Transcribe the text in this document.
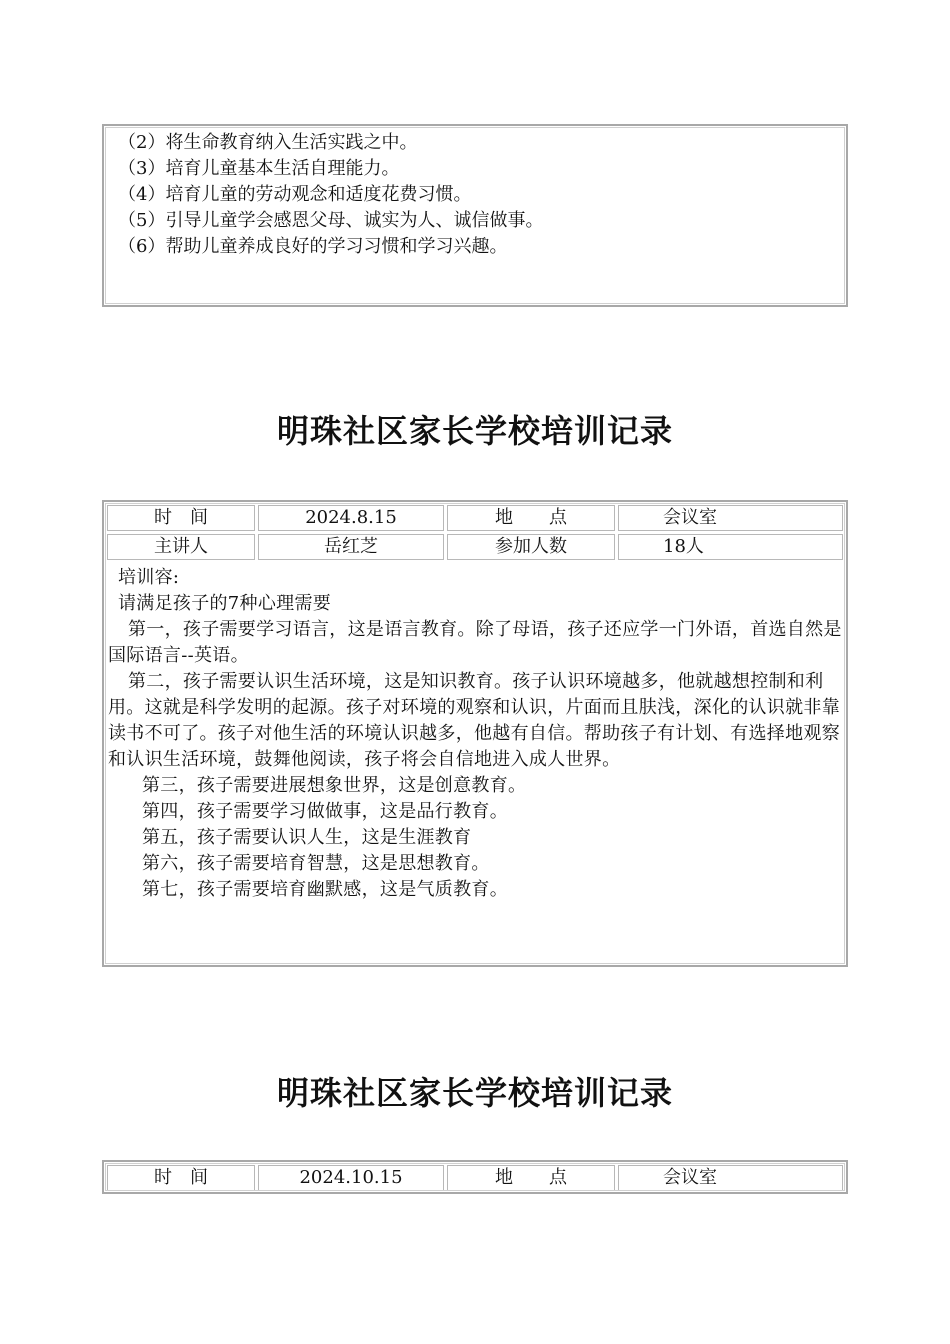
（2）将生命教育纳入生活实践之中。
（3）培育儿童基本生活自理能力。
（4）培育儿童的劳动观念和适度花费习惯。
（5）引导儿童学会感恩父母、诚实为人、诚信做事。
（6）帮助儿童养成良好的学习习惯和学习兴趣。
明珠社区家长学校培训记录
时　间	2024.8.15	地　　点	会议室
主讲人	岳红芝	参加人数	18人
培训容:
请满足孩子的7种心理需要
第一，孩子需要学习语言，这是语言教育。除了母语，孩子还应学一门外语，首选自然是国际语言--英语。
第二，孩子需要认识生活环境，这是知识教育。孩子认识环境越多，他就越想控制和利用。这就是科学发明的起源。孩子对环境的观察和认识，片面而且肤浅，深化的认识就非靠读书不可了。孩子对他生活的环境认识越多，他越有自信。帮助孩子有计划、有选择地观察和认识生活环境，鼓舞他阅读，孩子将会自信地进入成人世界。
第三，孩子需要进展想象世界，这是创意教育。
第四，孩子需要学习做做事，这是品行教育。
第五，孩子需要认识人生，这是生涯教育
第六，孩子需要培育智慧，这是思想教育。
第七，孩子需要培育幽默感，这是气质教育。
明珠社区家长学校培训记录
时　间	2024.10.15	地　　点	会议室
